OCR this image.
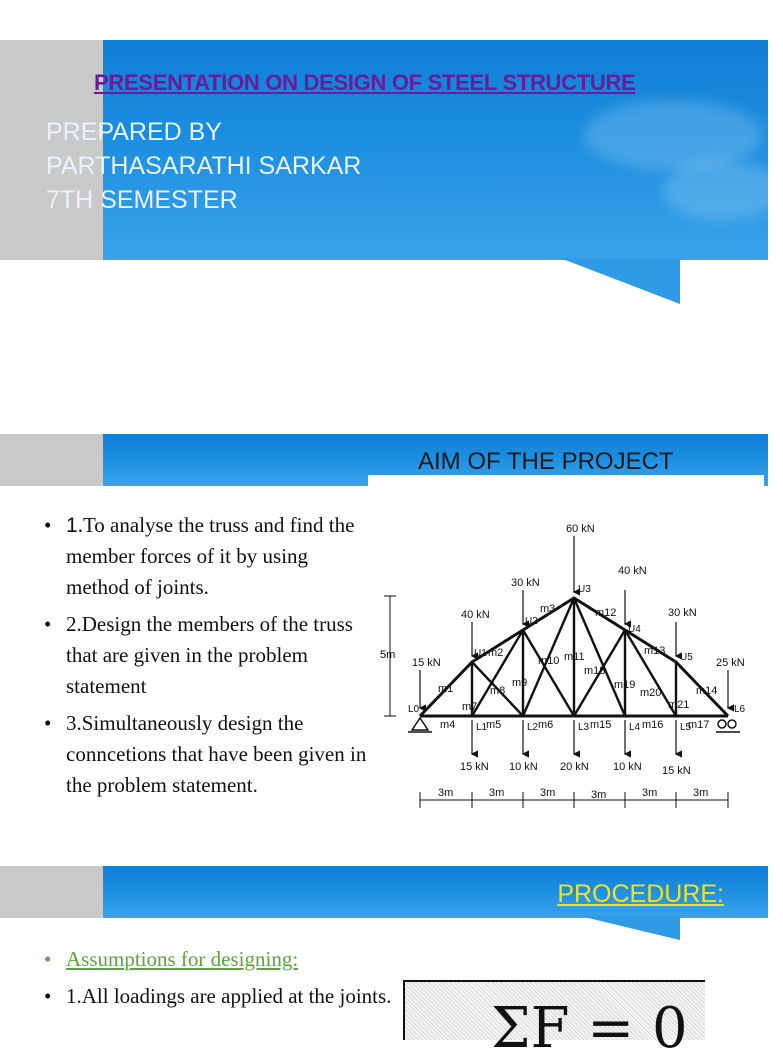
PRESENTATION ON DESIGN OF STEEL STRUCTURE
PREPARED BY
PARTHASARATHI SARKAR
7TH SEMESTER
AIM OF THE PROJECT
• 1.To analyse the truss and find the member forces of it by using method of joints.
• 2.Design the members of the truss that are given in the problem statement
• 3.Simultaneously design the conncetions that have been given in the problem statement.
5m
15 kN
40 kN
30 kN
60 kN
40 kN
30 kN
25 kN
15 kN 10 kN 20 kN 10 kN 15 kN
L0
U1
U2
U3
U4
U5
L6
L1	L2	L3	L4	L5
m1
m2
m3
m4	m5	m6
m7
m8
m9
m10 m11
m12
m13
m14
m15	m16 m17
m18
m19
m20
m21
3m	3m	3m	3m	3m	3m
PROCEDURE:
• Assumptions for designing:
• 1.All loadings are applied at the joints. ΣF = 0
